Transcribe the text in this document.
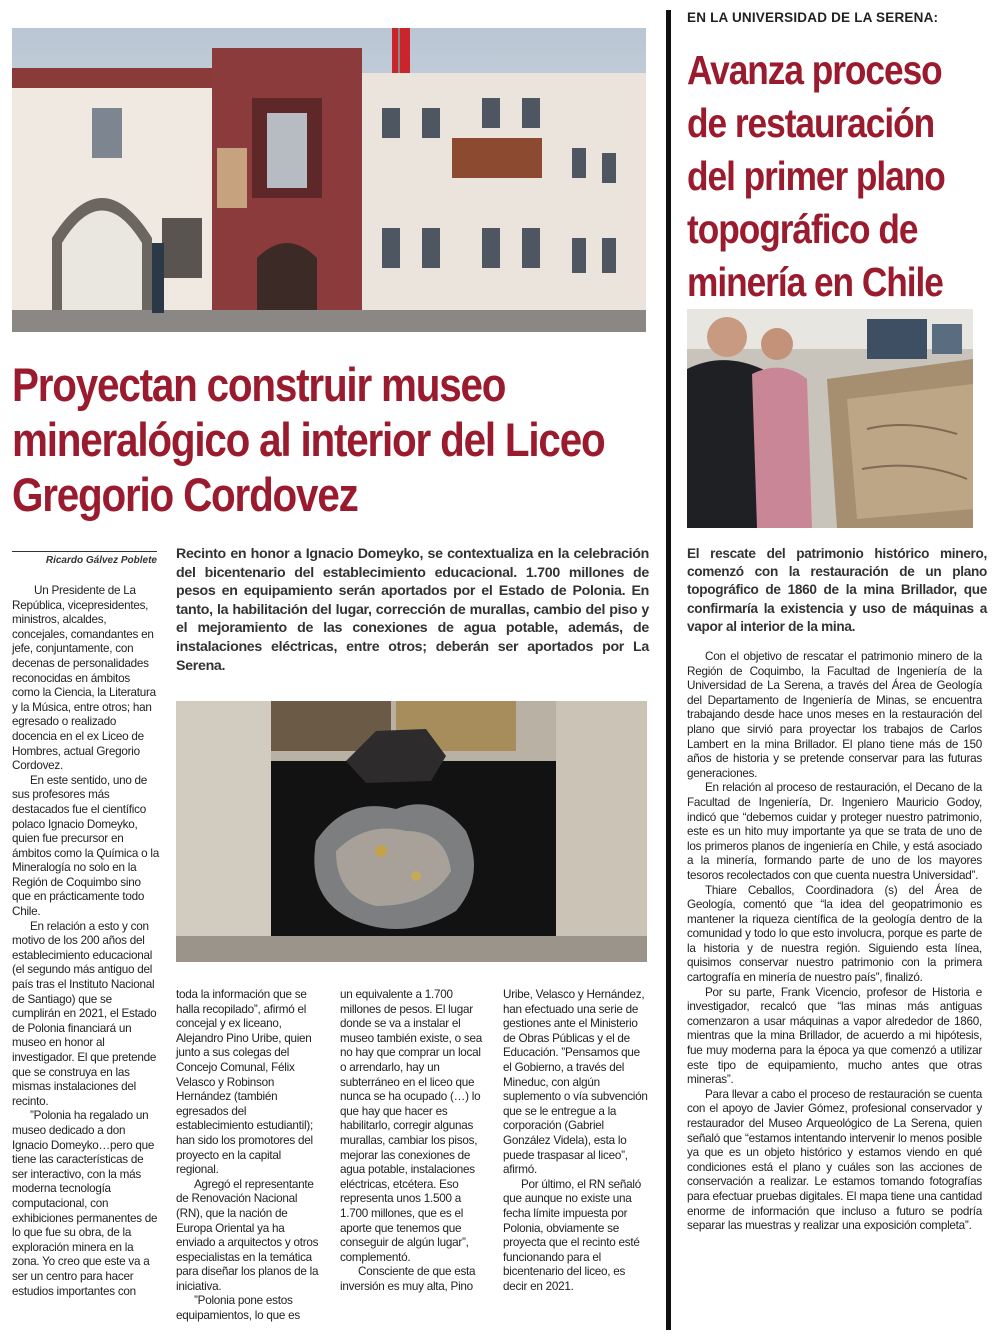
Proyectan construir museo mineralógico al interior del Liceo Gregorio Cordovez
Ricardo Gálvez Poblete Recinto en honor a Ignacio Domeyko, se contextualiza en la celebración del bicentenario del establecimiento educacional. 1.700 millones de pesos en equipamiento serán aportados por el Estado de Polonia. En tanto, la habilitación del lugar, corrección de murallas, cambio del piso y el mejoramiento de las conexiones de agua potable, además, de instalaciones eléctricas, entre otros; deberán ser aportados por La Serena.

Un Presidente de La República, vicepresidentes, ministros, alcaldes, concejales, comandantes en jefe, conjuntamente, con decenas de personalidades reconocidas en ámbitos como la Ciencia, la Literatura y la Música, entre otros; han egresado o realizado docencia en el ex Liceo de Hombres, actual Gregorio Cordovez.

En este sentido, uno de sus profesores más destacados fue el científico polaco Ignacio Domeyko, quien fue precursor en ámbitos como la Química o la Mineralogía no solo en la Región de Coquimbo sino que en prácticamente todo Chile.

En relación a esto y con motivo de los 200 años del establecimiento educacional (el segundo más antiguo del país tras el Instituto Nacional de Santiago) que se cumplirán en 2021, el Estado de Polonia financiará un museo en honor al investigador. El que pretende que se construya en las mismas instalaciones del recinto.

”Polonia ha regalado un museo dedicado a don Ignacio Domeyko…pero que tiene las características de ser interactivo, con la más moderna tecnología computacional, con exhibiciones permanentes de lo que fue su obra, de la exploración minera en la zona. Yo creo que este va a ser un centro para hacer estudios importantes con

toda la información que se halla recopilado”, afirmó el concejal y ex liceano, Alejandro Pino Uribe, quien junto a sus colegas del Concejo Comunal, Félix Velasco y Robinson Hernández (también egresados del establecimiento estudiantil); han sido los promotores del proyecto en la capital regional.

Agregó el representante de Renovación Nacional (RN), que la nación de Europa Oriental ya ha enviado a arquitectos y otros especialistas en la temática para diseñar los planos de la iniciativa.

”Polonia pone estos equipamientos, lo que es

un equivalente a 1.700 millones de pesos. El lugar donde se va a instalar el museo también existe, o sea no hay que comprar un local o arrendarlo, hay un subterráneo en el liceo que nunca se ha ocupado (…) lo que hay que hacer es habilitarlo, corregir algunas murallas, cambiar los pisos, mejorar las conexiones de agua potable, instalaciones eléctricas, etcétera. Eso representa unos 1.500 a 1.700 millones, que es el aporte que tenemos que conseguir de algún lugar”, complementó.

Consciente de que esta inversión es muy alta, Pino

Uribe, Velasco y Hernández, han efectuado una serie de gestiones ante el Ministerio de Obras Públicas y el de Educación. ”Pensamos que el Gobierno, a través del Mineduc, con algún suplemento o vía subvención que se le entregue a la corporación (Gabriel González Videla), esta lo puede traspasar al liceo”, afirmó.

Por último, el RN señaló que aunque no existe una fecha límite impuesta por Polonia, obviamente se proyecta que el recinto esté funcionando para el bicentenario del liceo, es decir en 2021.

EN LA UNIVERSIDAD DE LA SERENA:
Avanza proceso de restauración del primer plano topográfico de minería en Chile
El rescate del patrimonio histórico minero, comenzó con la restauración de un plano topográfico de 1860 de la mina Brillador, que confirmaría la existencia y uso de máquinas a vapor al interior de la mina.

Con el objetivo de rescatar el patrimonio minero de la Región de Coquimbo, la Facultad de Ingeniería de la Universidad de La Serena, a través del Área de Geología del Departamento de Ingeniería de Minas, se encuentra trabajando desde hace unos meses en la restauración del plano que sirvió para proyectar los trabajos de Carlos Lambert en la mina Brillador. El plano tiene más de 150 años de historia y se pretende conservar para las futuras generaciones.

En relación al proceso de restauración, el Decano de la Facultad de Ingeniería, Dr. Ingeniero Mauricio Godoy, indicó que “debemos cuidar y proteger nuestro patrimonio, este es un hito muy importante ya que se trata de uno de los primeros planos de ingeniería en Chile, y está asociado a la minería, formando parte de uno de los mayores tesoros recolectados con que cuenta nuestra Universidad”.

Thiare Ceballos, Coordinadora (s) del Área de Geología, comentó que “la idea del geopatrimonio es mantener la riqueza científica de la geología dentro de la comunidad y todo lo que esto involucra, porque es parte de la historia y de nuestra región. Siguiendo esta línea, quisimos conservar nuestro patrimonio con la primera cartografía en minería de nuestro país”, finalizó.

Por su parte, Frank Vicencio, profesor de Historia e investigador, recalcó que “las minas más antiguas comenzaron a usar máquinas a vapor alrededor de 1860, mientras que la mina Brillador, de acuerdo a mi hipótesis, fue muy moderna para la época ya que comenzó a utilizar este tipo de equipamiento, mucho antes que otras mineras”.

Para llevar a cabo el proceso de restauración se cuenta con el apoyo de Javier Gómez, profesional conservador y restaurador del Museo Arqueológico de La Serena, quien señaló que “estamos intentando intervenir lo menos posible ya que es un objeto histórico y estamos viendo en qué condiciones está el plano y cuáles son las acciones de conservación a realizar. Le estamos tomando fotografías para efectuar pruebas digitales. El mapa tiene una cantidad enorme de información que incluso a futuro se podría separar las muestras y realizar una exposición completa”.
